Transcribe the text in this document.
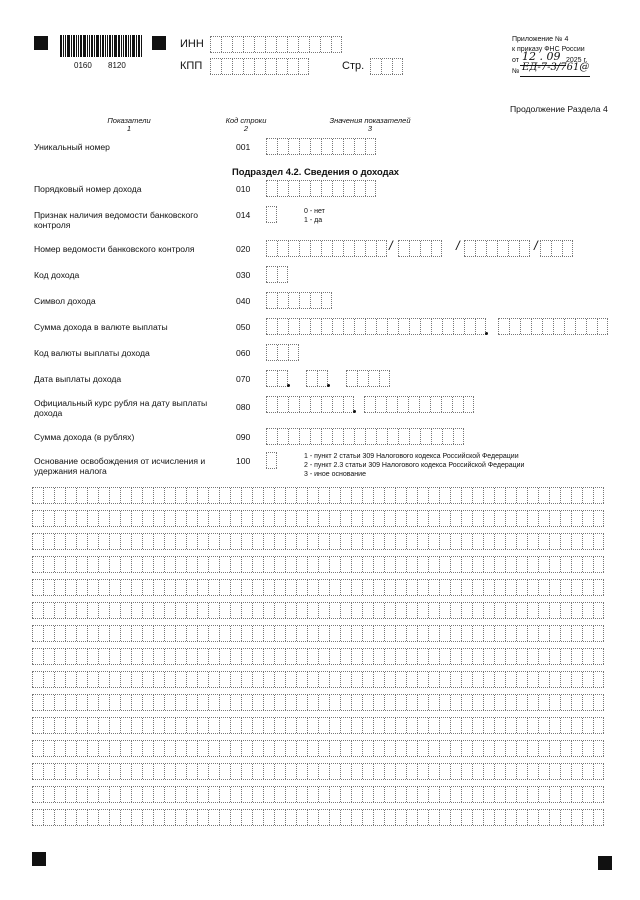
0160 8120
ИНН
КПП	Стр.
Приложение № 4
к приказу ФНС России
от 12 . 09 2025 г.
№ ЕД-7-3/761@
Продолжение Раздела 4
Показатели
1
Код строки
2
Значения показателей
3
Уникальный номер	001
Подраздел 4.2. Сведения о доходах
Порядковый номер дохода	010
Признак наличия ведомости банковского контроля
014	0 - нет
1 - да
Номер ведомости банковского контроля	020	/	/	/
Код дохода	030
Символ дохода	040
Сумма дохода в валюте выплаты	050
Код валюты выплаты дохода	060
Дата выплаты дохода	070
Официальный курс рубля на дату выплаты дохода
080
Сумма дохода (в рублях)	090
Основание освобождения от исчисления и удержания налога
100	1 - пункт 2 статьи 309 Налогового кодекса Российской Федерации
2 - пункт 2.3 статьи 309 Налогового кодекса Российской Федерации
3 - иное основание
